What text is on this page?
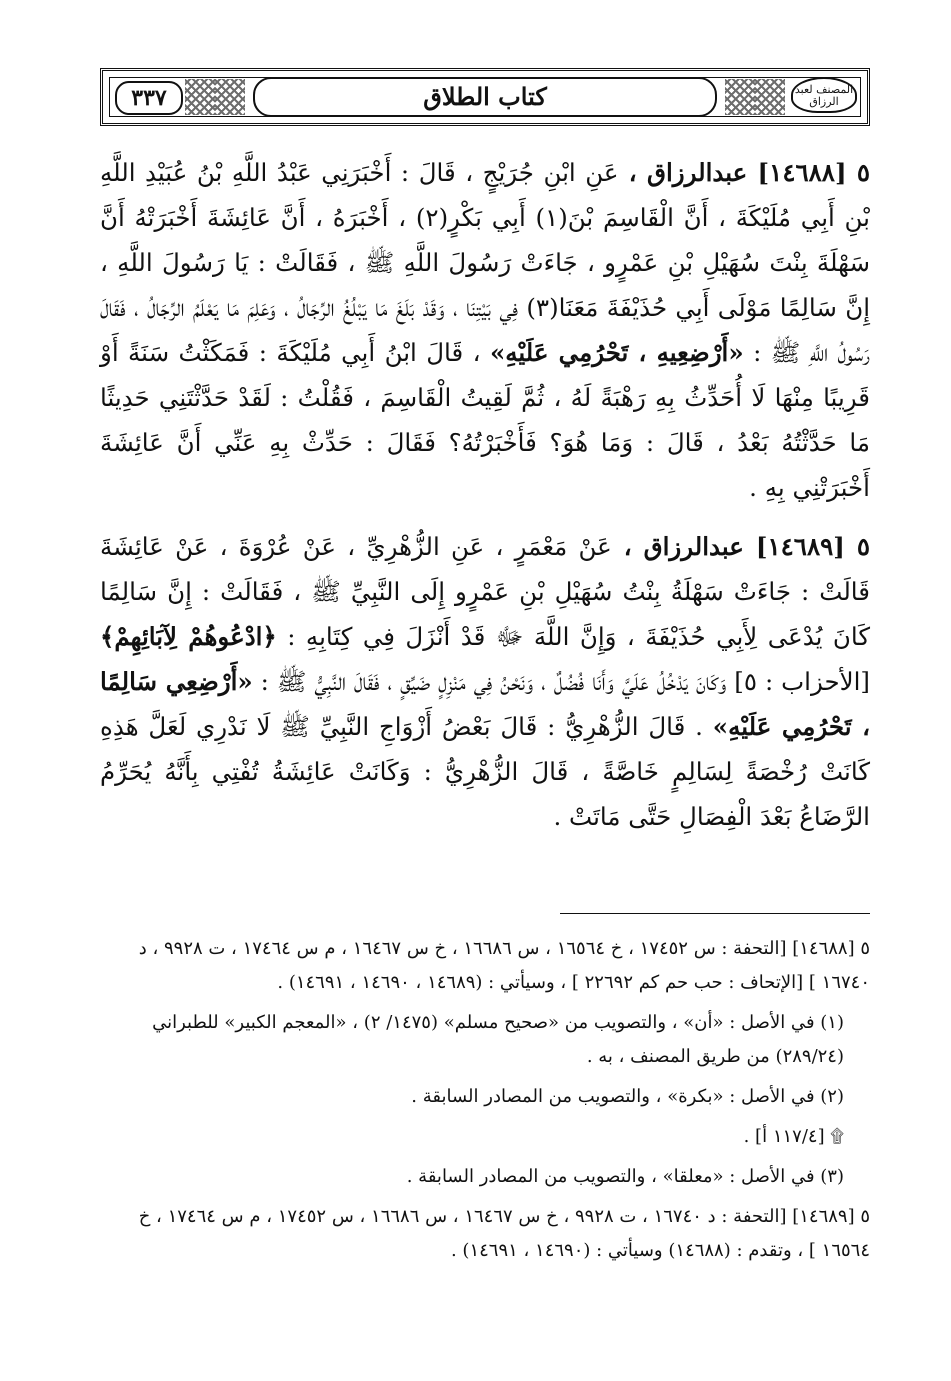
المصنف لعبد الرزاق
كتاب الطلاق
٣٣٧

٥ [١٤٦٨٨] عبدالرزاق ، عَنِ ابْنِ جُرَيْجٍ ، قَالَ : أَخْبَرَنِي عَبْدُ اللَّهِ بْنُ عُبَيْدِ اللَّهِ بْنِ أَبِي مُلَيْكَةَ ، أَنَّ الْقَاسِمَ بْنَ(١) أَبِي بَكْرٍ(٢) ، أَخْبَرَهُ ، أَنَّ عَائِشَةَ أَخْبَرَتْهُ أَنَّ سَهْلَةَ بِنْتَ سُهَيْلِ بْنِ عَمْرٍو ، جَاءَتْ رَسُولَ اللَّهِ ﷺ ، فَقَالَتْ : يَا رَسُولَ اللَّهِ ، إِنَّ سَالِمًا مَوْلَى أَبِي حُذَيْفَةَ مَعَنَا(٣) فِي بَيْتِنَا ، وَقَدْ بَلَغَ مَا يَبْلُغُ الرِّجَالُ ، وَعَلِمَ مَا يَعْلَمُ الرِّجَالُ ، فَقَالَ رَسُولُ اللَّهِ ﷺ : «أَرْضِعِيهِ ، تَحْرُمِي عَلَيْهِ» ، قَالَ ابْنُ أَبِي مُلَيْكَةَ : فَمَكَثْتُ سَنَةً أَوْ قَرِيبًا مِنْهَا لَا أُحَدِّثُ بِهِ رَهْبَةً لَهُ ، ثُمَّ لَقِيتُ الْقَاسِمَ ، فَقُلْتُ : لَقَدْ حَدَّثْتَنِي حَدِيثًا مَا حَدَّثْتُهُ بَعْدُ ، قَالَ : وَمَا هُوَ؟ فَأَخْبَرْتُهُ؟ فَقَالَ : حَدِّثْ بِهِ عَنِّي أَنَّ عَائِشَةَ أَخْبَرَتْنِي بِهِ .

٥ [١٤٦٨٩] عبدالرزاق ، عَنْ مَعْمَرٍ ، عَنِ الزُّهْرِيِّ ، عَنْ عُرْوَةَ ، عَنْ عَائِشَةَ قَالَتْ : جَاءَتْ سَهْلَةُ بِنْتُ سُهَيْلِ بْنِ عَمْرٍو إِلَى النَّبِيِّ ﷺ ، فَقَالَتْ : إِنَّ سَالِمًا كَانَ يُدْعَى لِأَبِي حُذَيْفَةَ ، وَإِنَّ اللَّهَ ﷻ قَدْ أَنْزَلَ فِي كِتَابِهِ : ﴿ادْعُوهُمْ لِآبَائِهِمْ﴾ [الأحزاب : ٥] وَكَانَ يَدْخُلُ عَلَيَّ وَأَنَا فُضُلٌ ، وَنَحْنُ فِي مَنْزِلٍ ضَيِّقٍ ، فَقَالَ النَّبِيُّ ﷺ : «أَرْضِعِي سَالِمًا ، تَحْرُمِي عَلَيْهِ» . قَالَ الزُّهْرِيُّ : قَالَ بَعْضُ أَزْوَاجِ النَّبِيِّ ﷺ لَا نَدْرِي لَعَلَّ هَذِهِ كَانَتْ رُخْصَةً لِسَالِمٍ خَاصَّةً ، قَالَ الزُّهْرِيُّ : وَكَانَتْ عَائِشَةُ تُفْتِي بِأَنَّهُ يُحَرِّمُ الرَّضَاعُ بَعْدَ الْفِصَالِ حَتَّى مَاتَتْ .

٥ [١٤٦٨٨] [التحفة : س ١٧٤٥٢ ، خ ١٦٥٦٤ ، س ١٦٦٨٦ ، خ س ١٦٤٦٧ ، م س ١٧٤٦٤ ، ت ٩٩٢٨ ، د ١٦٧٤٠ ] [الإتحاف : حب حم كم ٢٢٦٩٢ ] ، وسيأتي : (١٤٦٨٩ ، ١٤٦٩٠ ، ١٤٦٩١) .

(١) في الأصل : «أن» ، والتصويب من «صحيح مسلم» (١٤٧٥/ ٢) ، «المعجم الكبير» للطبراني (٢٨٩/٢٤) من طريق المصنف ، به .

(٢) في الأصل : «بكرة» ، والتصويب من المصادر السابقة .

۩ [١١٧/٤ أ] .

(٣) في الأصل : «معلقا» ، والتصويب من المصادر السابقة .

٥ [١٤٦٨٩] [التحفة : د ١٦٧٤٠ ، ت ٩٩٢٨ ، خ س ١٦٤٦٧ ، س ١٦٦٨٦ ، س ١٧٤٥٢ ، م س ١٧٤٦٤ ، خ ١٦٥٦٤ ] ، وتقدم : (١٤٦٨٨) وسيأتي : (١٤٦٩٠ ، ١٤٦٩١) .
